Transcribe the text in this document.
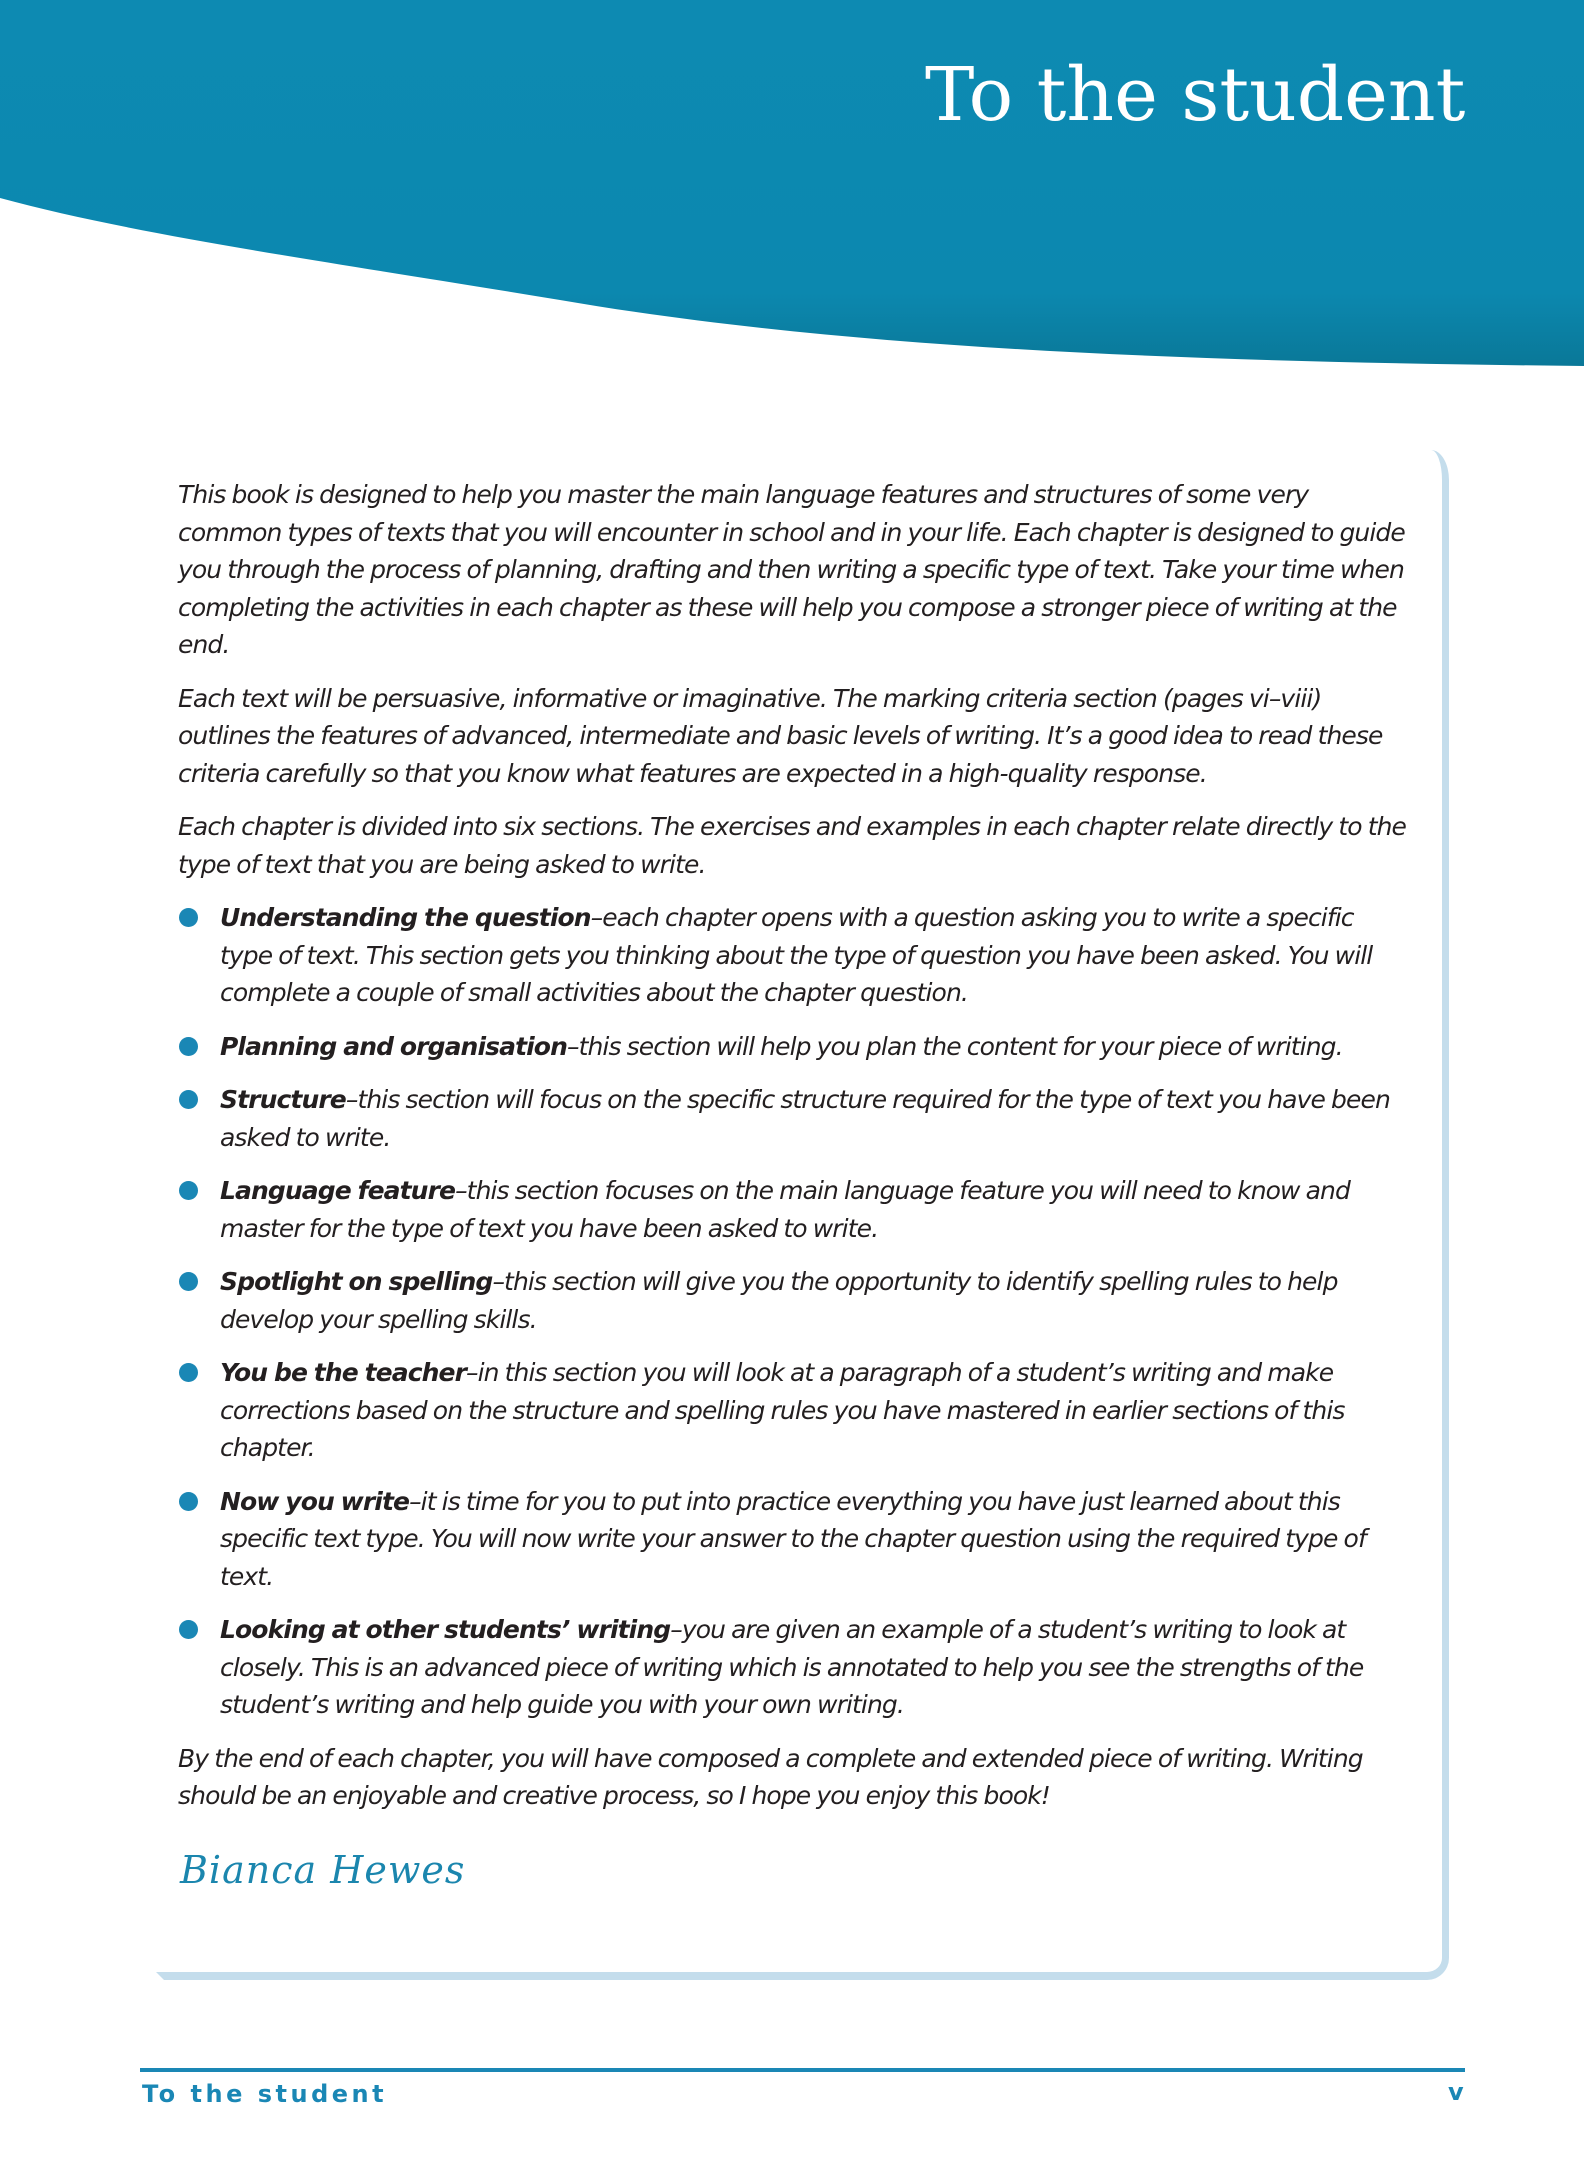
To the student

This book is designed to help you master the main language features and structures of some very common types of texts that you will encounter in school and in your life. Each chapter is designed to guide you through the process of planning, drafting and then writing a specific type of text. Take your time when completing the activities in each chapter as these will help you compose a stronger piece of writing at the end.

Each text will be persuasive, informative or imaginative. The marking criteria section (pages vi–viii) outlines the features of advanced, intermediate and basic levels of writing. It’s a good idea to read these criteria carefully so that you know what features are expected in a high-quality response.

Each chapter is divided into six sections. The exercises and examples in each chapter relate directly to the type of text that you are being asked to write.

Understanding the question–each chapter opens with a question asking you to write a specific type of text. This section gets you thinking about the type of question you have been asked. You will complete a couple of small activities about the chapter question.
Planning and organisation–this section will help you plan the content for your piece of writing.
Structure–this section will focus on the specific structure required for the type of text you have been asked to write.
Language feature–this section focuses on the main language feature you will need to know and master for the type of text you have been asked to write.
Spotlight on spelling–this section will give you the opportunity to identify spelling rules to help develop your spelling skills.
You be the teacher–in this section you will look at a paragraph of a student’s writing and make corrections based on the structure and spelling rules you have mastered in earlier sections of this chapter.
Now you write–it is time for you to put into practice everything you have just learned about this specific text type. You will now write your answer to the chapter question using the required type of text.
Looking at other students’ writing–you are given an example of a student’s writing to look at closely. This is an advanced piece of writing which is annotated to help you see the strengths of the student’s writing and help guide you with your own writing.

By the end of each chapter, you will have composed a complete and extended piece of writing. Writing should be an enjoyable and creative process, so I hope you enjoy this book!

Bianca Hewes
To the student	v
